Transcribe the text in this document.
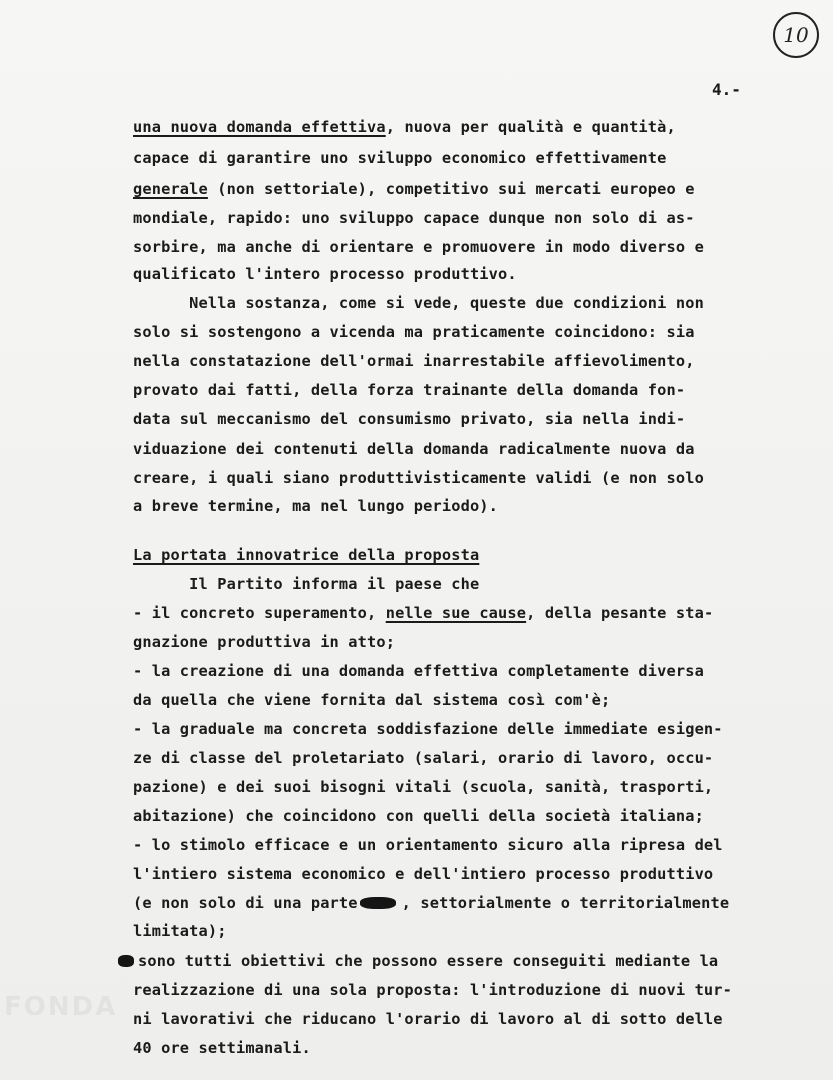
10
4.-
una nuova domanda effettiva, nuova per qualità e quantità,
capace di garantire uno sviluppo economico effettivamente
generale (non settoriale), competitivo sui mercati europeo e
mondiale, rapido: uno sviluppo capace dunque non solo di as-
sorbire, ma anche di orientare e promuovere in modo diverso e
qualificato l'intero processo produttivo.
Nella sostanza, come si vede, queste due condizioni non
solo si sostengono a vicenda ma praticamente coincidono: sia
nella constatazione dell'ormai inarrestabile affievolimento,
provato dai fatti, della forza trainante della domanda fon-
data sul meccanismo del consumismo privato, sia nella indi-
viduazione dei contenuti della domanda radicalmente nuova da
creare, i quali siano produttivisticamente validi (e non solo
a breve termine, ma nel lungo periodo).
La portata innovatrice della proposta
Il Partito informa il paese che
- il concreto superamento, nelle sue cause, della pesante sta-
gnazione produttiva in atto;
- la creazione di una domanda effettiva completamente diversa
da quella che viene fornita dal sistema così com'è;
- la graduale ma concreta soddisfazione delle immediate esigen-
ze di classe del proletariato (salari, orario di lavoro, occu-
pazione) e dei suoi bisogni vitali (scuola, sanità, trasporti,
abitazione) che coincidono con quelli della società italiana;
- lo stimolo efficace e un orientamento sicuro alla ripresa del
l'intiero sistema economico e dell'intiero processo produttivo
(e non solo di una parte	, settorialmente o territorialmente
limitata);
sono tutti obiettivi che possono essere conseguiti mediante la
realizzazione di una sola proposta: l'introduzione di nuovi tur-
ni lavorativi che riducano l'orario di lavoro al di sotto delle
40 ore settimanali.
FONDA
